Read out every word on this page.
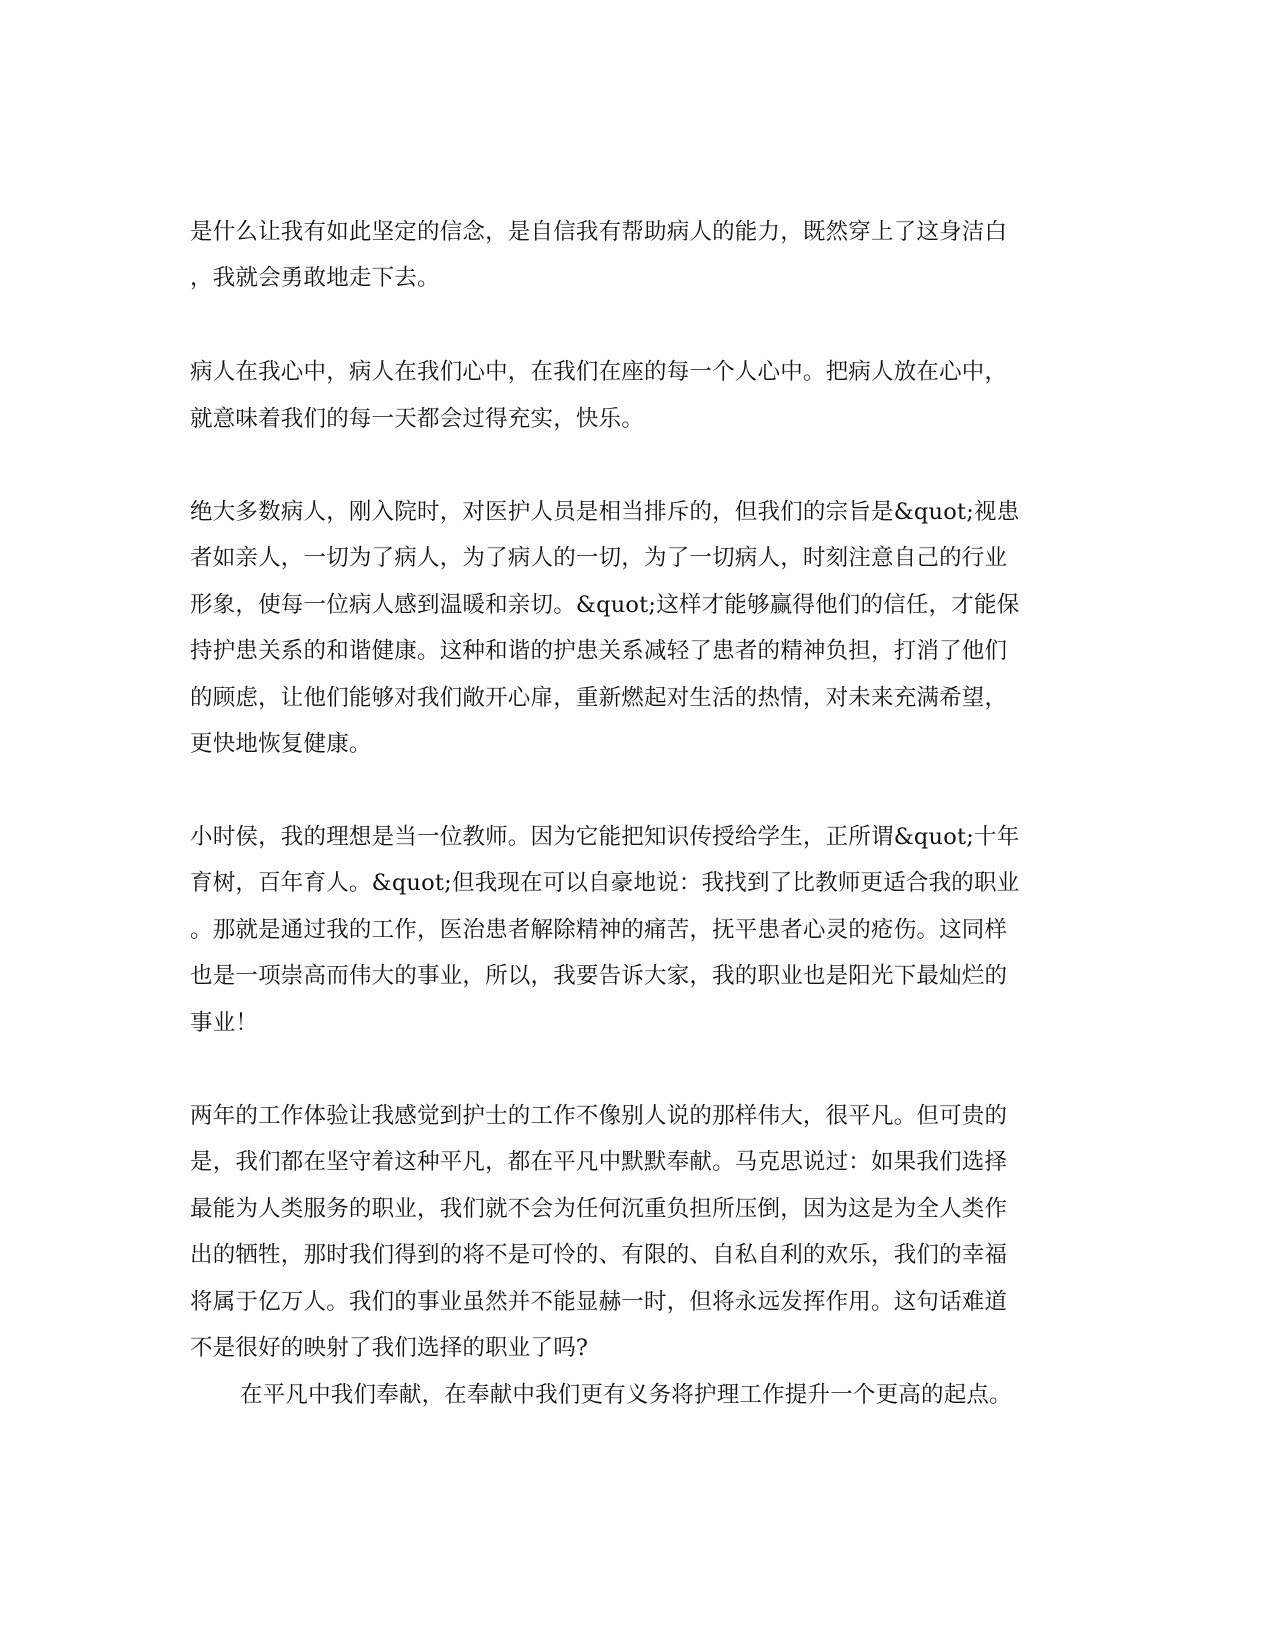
是什么让我有如此坚定的信念，是自信我有帮助病人的能力，既然穿上了这身洁白
，我就会勇敢地走下去。
病人在我心中，病人在我们心中，在我们在座的每一个人心中。把病人放在心中，
就意味着我们的每一天都会过得充实，快乐。
绝大多数病人，刚入院时，对医护人员是相当排斥的，但我们的宗旨是&quot;视患
者如亲人，一切为了病人，为了病人的一切，为了一切病人，时刻注意自己的行业
形象，使每一位病人感到温暖和亲切。&quot;这样才能够赢得他们的信任，才能保
持护患关系的和谐健康。这种和谐的护患关系减轻了患者的精神负担，打消了他们
的顾虑，让他们能够对我们敞开心扉，重新燃起对生活的热情，对未来充满希望，
更快地恢复健康。
小时侯，我的理想是当一位教师。因为它能把知识传授给学生，正所谓&quot;十年
育树，百年育人。&quot;但我现在可以自豪地说：我找到了比教师更适合我的职业
。那就是通过我的工作，医治患者解除精神的痛苦，抚平患者心灵的疮伤。这同样
也是一项崇高而伟大的事业，所以，我要告诉大家，我的职业也是阳光下最灿烂的
事业！
两年的工作体验让我感觉到护士的工作不像别人说的那样伟大，很平凡。但可贵的
是，我们都在坚守着这种平凡，都在平凡中默默奉献。马克思说过：如果我们选择
最能为人类服务的职业，我们就不会为任何沉重负担所压倒，因为这是为全人类作
出的牺牲，那时我们得到的将不是可怜的、有限的、自私自利的欢乐，我们的幸福
将属于亿万人。我们的事业虽然并不能显赫一时，但将永远发挥作用。这句话难道
不是很好的映射了我们选择的职业了吗?
在平凡中我们奉献，在奉献中我们更有义务将护理工作提升一个更高的起点。
